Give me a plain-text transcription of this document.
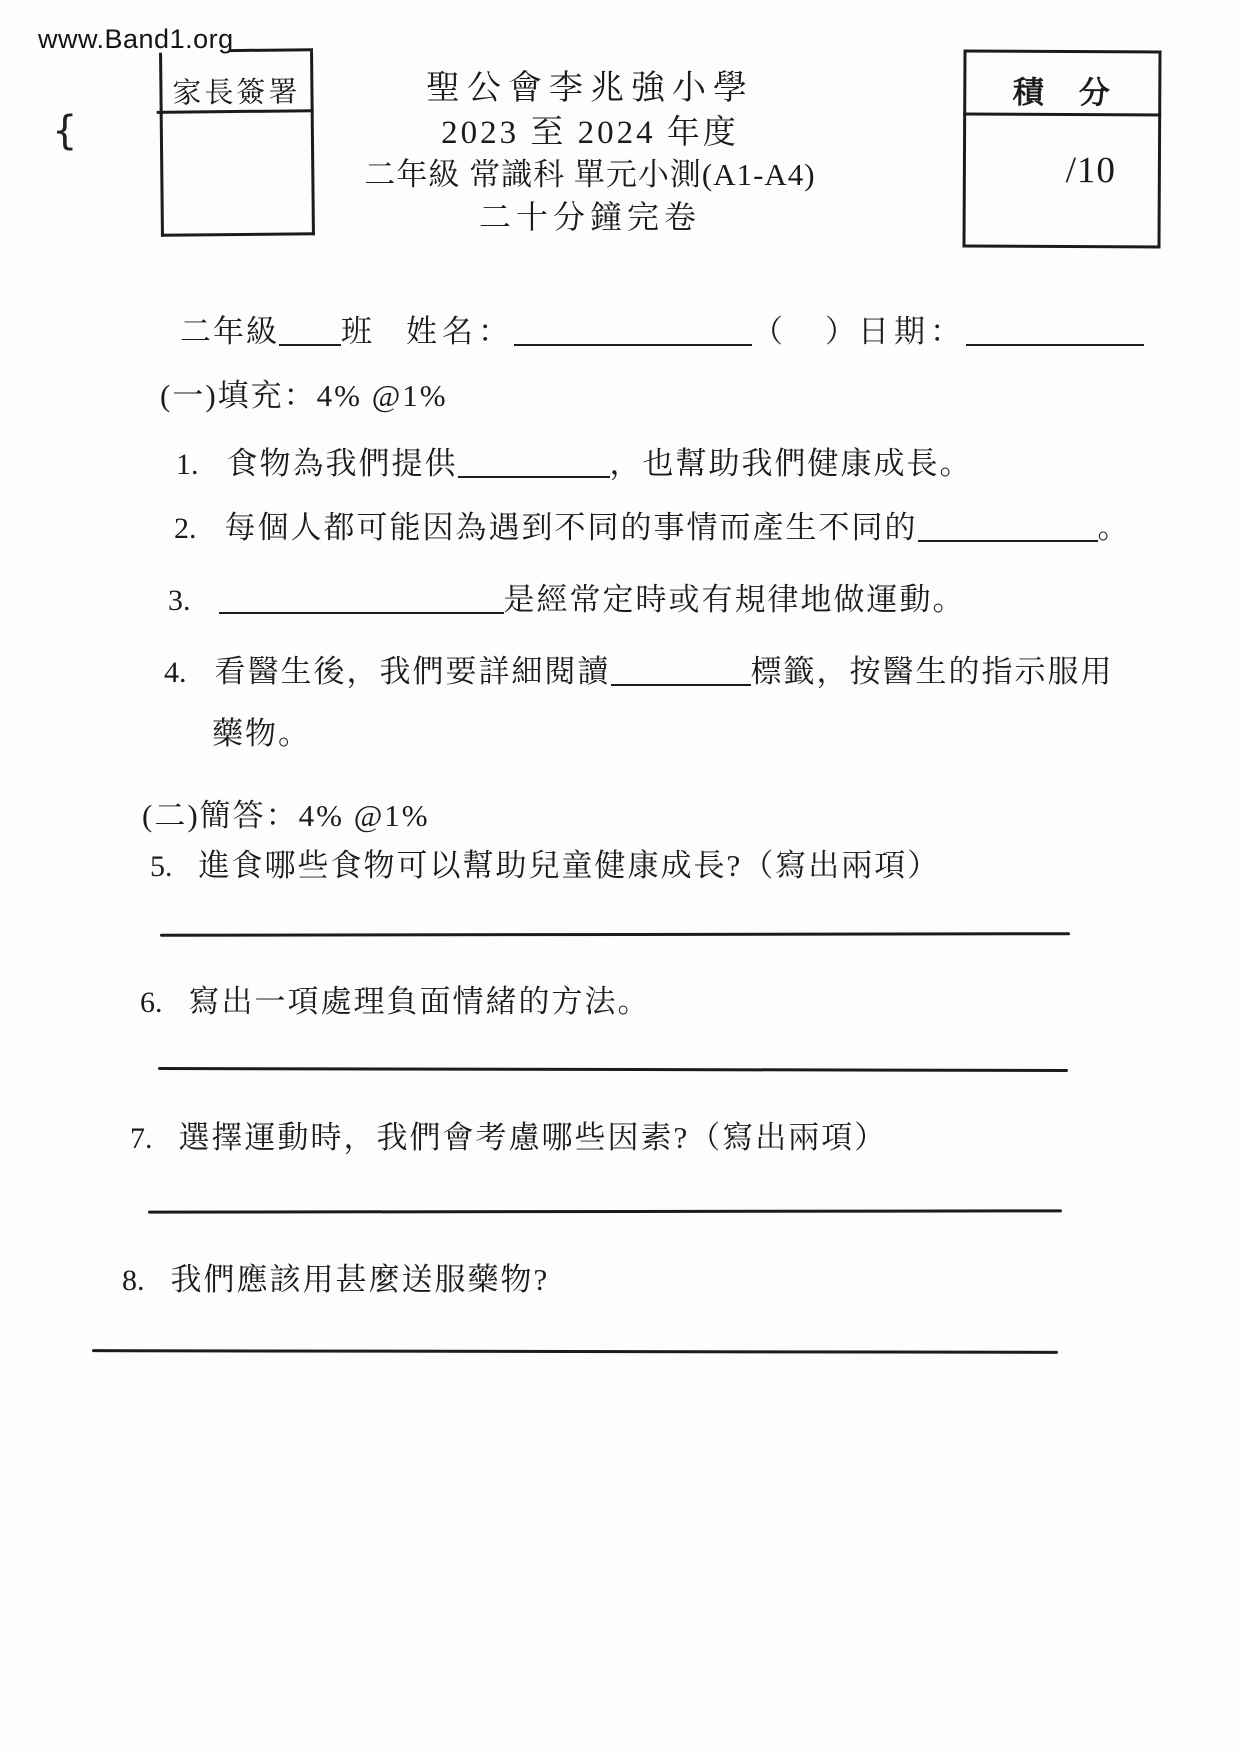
www.Band1.org
{
家長簽署	聖公會李兆強小學
2023 至 2024 年度
二年級 常識科 單元小測(A1-A4)
二十分鐘完卷
積　分
/10
二年級 班 姓名：	（ ）日期：
(一)填充：4% @1%
1. 食物為我們提供	，也幫助我們健康成長。
2. 每個人都可能因為遇到不同的事情而產生不同的	。
3.	是經常定時或有規律地做運動。
4. 看醫生後，我們要詳細閱讀	標籤，按醫生的指示服用
藥物。
(二)簡答：4% @1%
5. 進食哪些食物可以幫助兒童健康成長?（寫出兩項）
6. 寫出一項處理負面情緒的方法。
7. 選擇運動時，我們會考慮哪些因素?（寫出兩項）
8. 我們應該用甚麼送服藥物?
